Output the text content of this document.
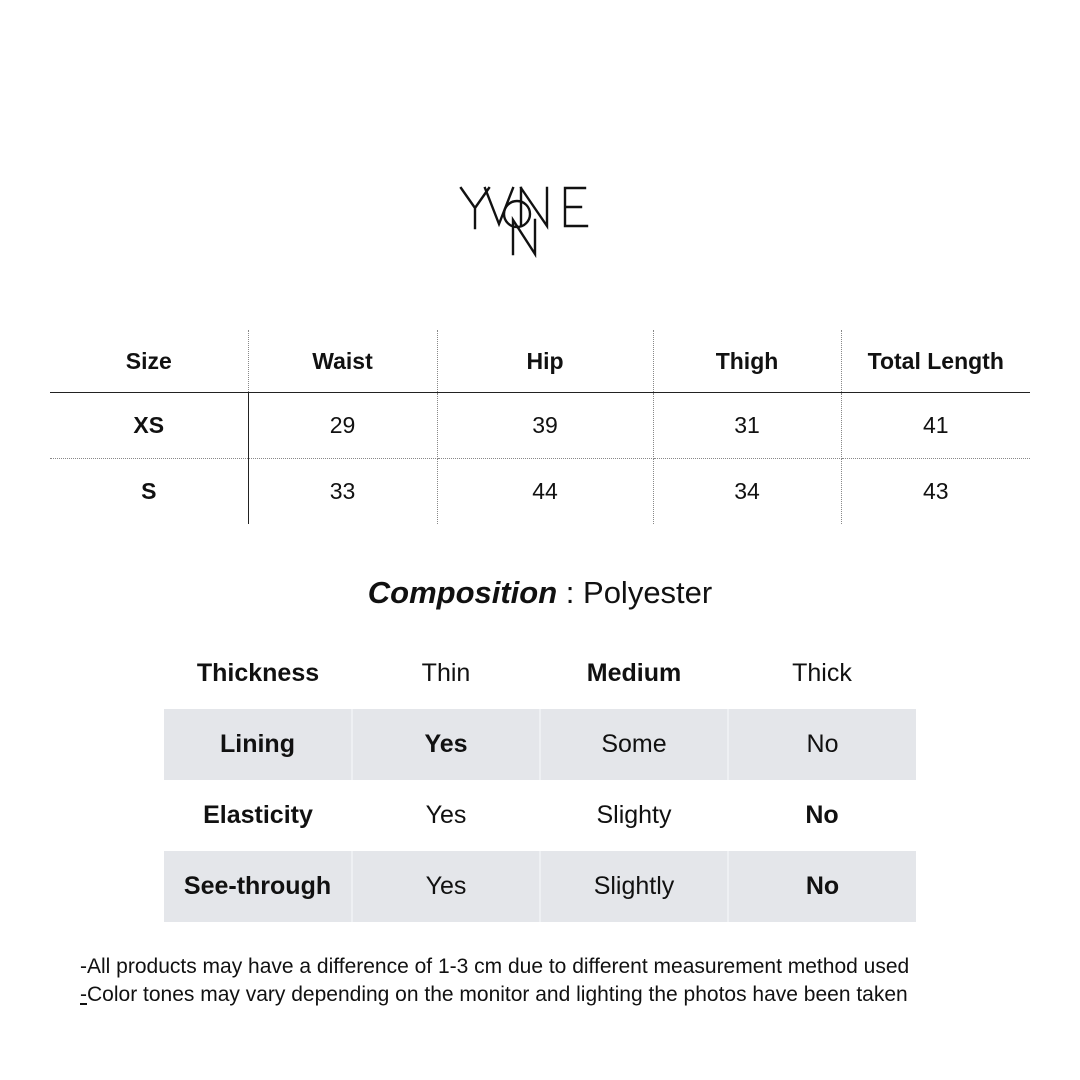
Size	Waist	Hip	Thigh	Total Length
XS	29	39	31	41
S	33	44	34	43
Composition : Polyester
Thickness	Thin	Medium	Thick
Lining	Yes	Some	No
Elasticity	Yes	Slighty	No
See-through	Yes	Slightly	No
-All products may have a difference of 1-3 cm due to different measurement method used
-Color tones may vary depending on the monitor and lighting the photos have been taken
